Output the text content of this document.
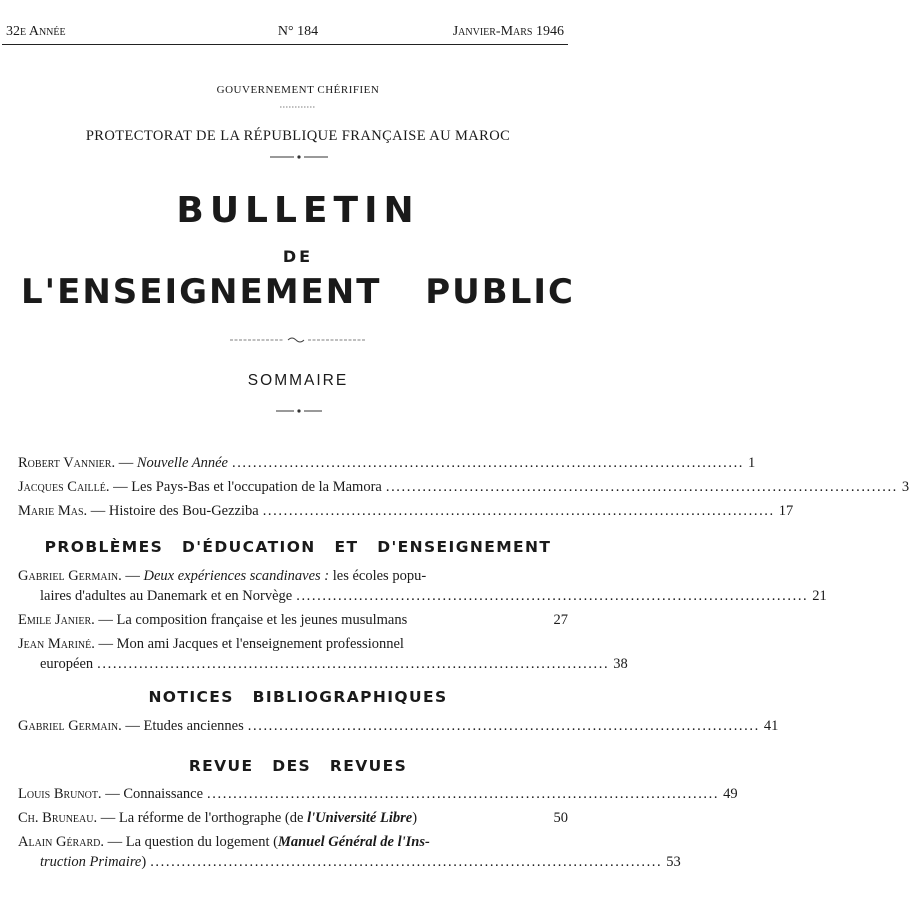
32e Année	N° 184	Janvier-Mars 1946
GOUVERNEMENT CHÉRIFIEN
PROTECTORAT DE LA RÉPUBLIQUE FRANÇAISE AU MAROC
BULLETIN
DE
L'ENSEIGNEMENT PUBLIC
SOMMAIRE
Robert Vannier. — Nouvelle Année .................................................................................................. 1
Jacques Caillé. — Les Pays-Bas et l'occupation de la Mamora .................................................................................................. 3
Marie Mas. — Histoire des Bou-Gezziba .................................................................................................. 17
PROBLÈMES D'ÉDUCATION ET D'ENSEIGNEMENT
Gabriel Germain. — Deux expériences scandinaves : les écoles popu-
laires d'adultes au Danemark et en Norvège .................................................................................................. 21
Emile Janier. — La composition française et les jeunes musulmans	27
Jean Mariné. — Mon ami Jacques et l'enseignement professionnel
européen .................................................................................................. 38
NOTICES BIBLIOGRAPHIQUES
Gabriel Germain. — Etudes anciennes .................................................................................................. 41
REVUE DES REVUES
Louis Brunot. — Connaissance .................................................................................................. 49
Ch. Bruneau. — La réforme de l'orthographe (de l'Université Libre)	50
Alain Gérard. — La question du logement (Manuel Général de l'Ins-
truction Primaire) .................................................................................................. 53
